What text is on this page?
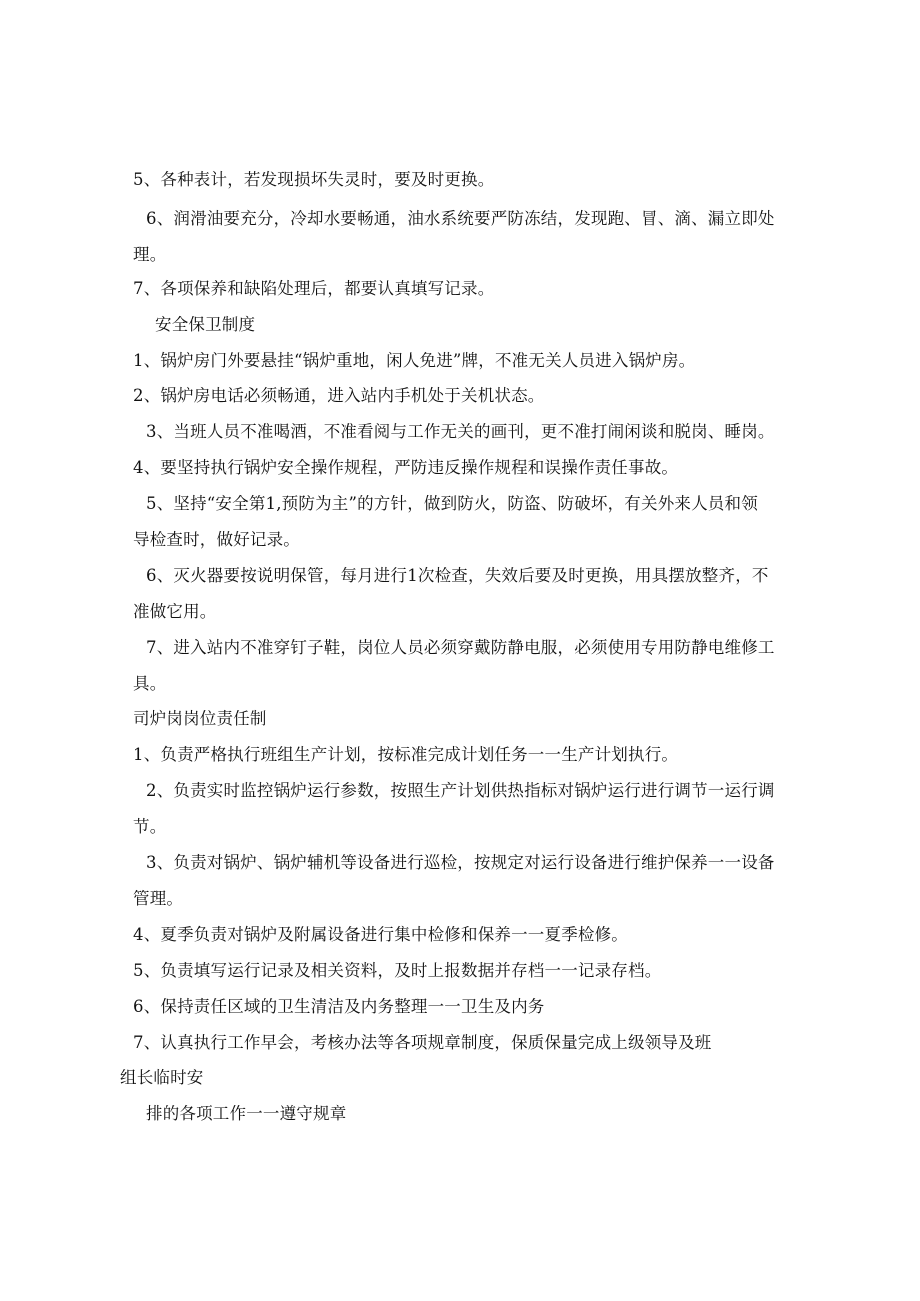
5、各种表计，若发现损坏失灵时，要及时更换。
6、润滑油要充分，冷却水要畅通，油水系统要严防冻结，发现跑、冒、滴、漏立即处
理。
7、各项保养和缺陷处理后，都要认真填写记录。
安全保卫制度
1、锅炉房门外要悬挂“锅炉重地，闲人免进”牌，不准无关人员进入锅炉房。
2、锅炉房电话必须畅通，进入站内手机处于关机状态。
3、当班人员不准喝酒，不准看阅与工作无关的画刊，更不准打闹闲谈和脱岗、睡岗。
4、要坚持执行锅炉安全操作规程，严防违反操作规程和误操作责任事故。
5、坚持“安全第1,预防为主”的方针，做到防火，防盗、防破坏，有关外来人员和领
导检查时，做好记录。
6、灭火器要按说明保管，每月进行1次检查，失效后要及时更换，用具摆放整齐，不
准做它用。
7、进入站内不准穿钉子鞋，岗位人员必须穿戴防静电服，必须使用专用防静电维修工
具。
司炉岗岗位责任制
1、负责严格执行班组生产计划，按标准完成计划任务一一生产计划执行。
2、负责实时监控锅炉运行参数，按照生产计划供热指标对锅炉运行进行调节一运行调
节。
3、负责对锅炉、锅炉辅机等设备进行巡检，按规定对运行设备进行维护保养一一设备
管理。
4、夏季负责对锅炉及附属设备进行集中检修和保养一一夏季检修。
5、负责填写运行记录及相关资料，及时上报数据并存档一一记录存档。
6、保持责任区域的卫生清洁及内务整理一一卫生及内务
7、认真执行工作早会，考核办法等各项规章制度，保质保量完成上级领导及班
组长临时安
排的各项工作一一遵守规章
